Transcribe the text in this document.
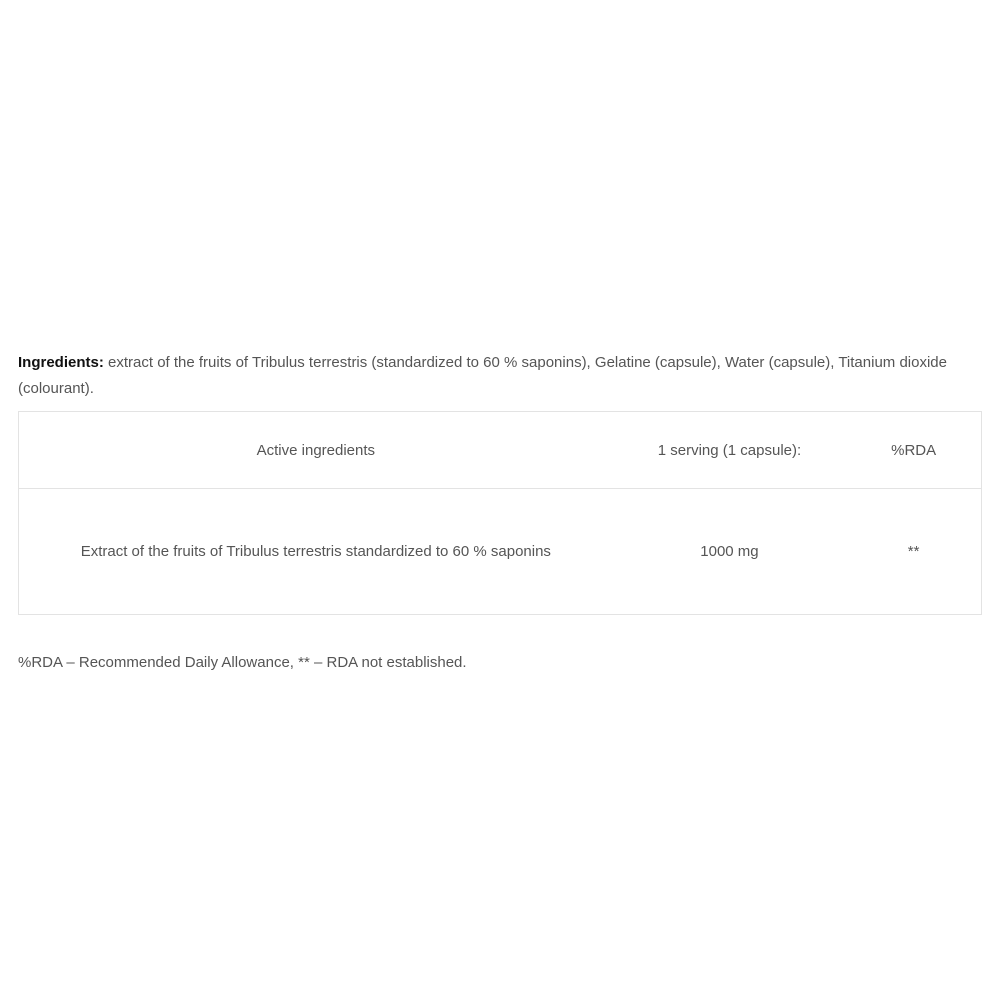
Ingredients: extract of the fruits of Tribulus terrestris (standardized to 60 % saponins), Gelatine (capsule), Water (capsule), Titanium dioxide (colourant).

Active ingredients	1 serving (1 capsule):	%RDA
Extract of the fruits of Tribulus terrestris standardized to 60 % saponins	1000 mg	**

%RDA – Recommended Daily Allowance, ** – RDA not established.
